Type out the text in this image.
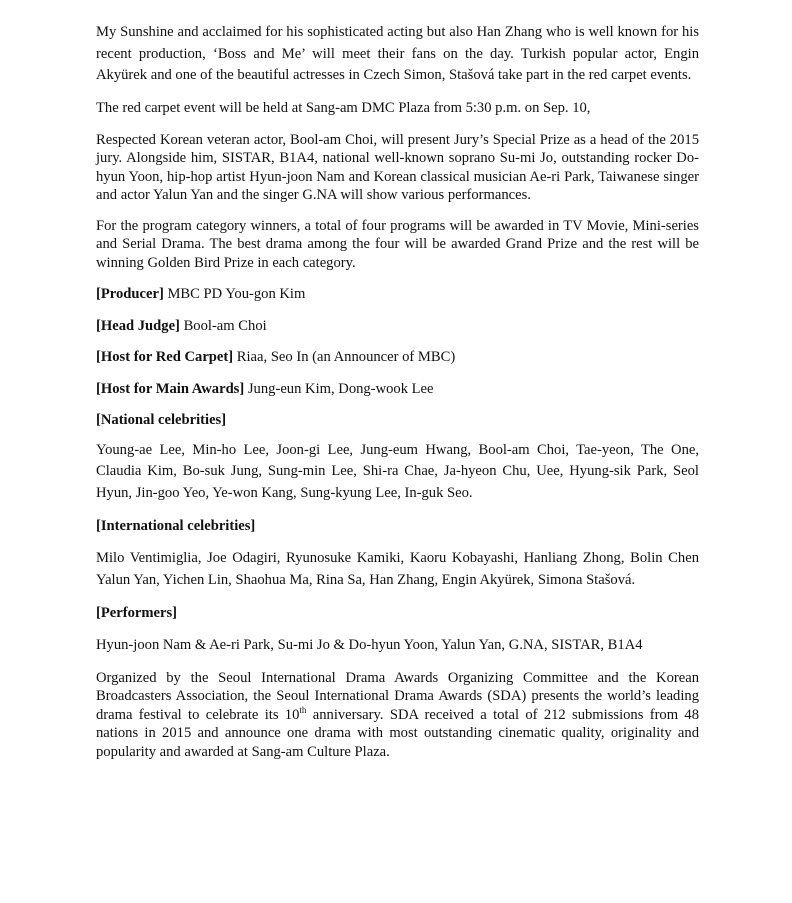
My Sunshine and acclaimed for his sophisticated acting but also Han Zhang who is well known for his recent production, ‘Boss and Me’ will meet their fans on the day. Turkish popular actor, Engin Akyürek and one of the beautiful actresses in Czech Simon, Stašová take part in the red carpet events.

The red carpet event will be held at Sang-am DMC Plaza from 5:30 p.m. on Sep. 10,

Respected Korean veteran actor, Bool-am Choi, will present Jury’s Special Prize as a head of the 2015 jury. Alongside him, SISTAR, B1A4, national well-known soprano Su-mi Jo, outstanding rocker Do-hyun Yoon, hip-hop artist Hyun-joon Nam and Korean classical musician Ae-ri Park, Taiwanese singer and actor Yalun Yan and the singer G.NA will show various performances.

For the program category winners, a total of four programs will be awarded in TV Movie, Mini-series and Serial Drama. The best drama among the four will be awarded Grand Prize and the rest will be winning Golden Bird Prize in each category.

[Producer] MBC PD You-gon Kim

[Head Judge] Bool-am Choi

[Host for Red Carpet] Riaa, Seo In (an Announcer of MBC)

[Host for Main Awards] Jung-eun Kim, Dong-wook Lee

[National celebrities]

Young-ae Lee, Min-ho Lee, Joon-gi Lee, Jung-eum Hwang, Bool-am Choi, Tae-yeon, The One, Claudia Kim, Bo-suk Jung, Sung-min Lee, Shi-ra Chae, Ja-hyeon Chu, Uee, Hyung-sik Park, Seol Hyun, Jin-goo Yeo, Ye-won Kang, Sung-kyung Lee, In-guk Seo.

[International celebrities]

Milo Ventimiglia, Joe Odagiri, Ryunosuke Kamiki, Kaoru Kobayashi, Hanliang Zhong, Bolin Chen Yalun Yan, Yichen Lin, Shaohua Ma, Rina Sa, Han Zhang, Engin Akyürek, Simona Stašová.

[Performers]

Hyun-joon Nam & Ae-ri Park, Su-mi Jo & Do-hyun Yoon, Yalun Yan, G.NA, SISTAR, B1A4

Organized by the Seoul International Drama Awards Organizing Committee and the Korean Broadcasters Association, the Seoul International Drama Awards (SDA) presents the world’s leading drama festival to celebrate its 10th anniversary. SDA received a total of 212 submissions from 48 nations in 2015 and announce one drama with most outstanding cinematic quality, originality and popularity and awarded at Sang-am Culture Plaza.
